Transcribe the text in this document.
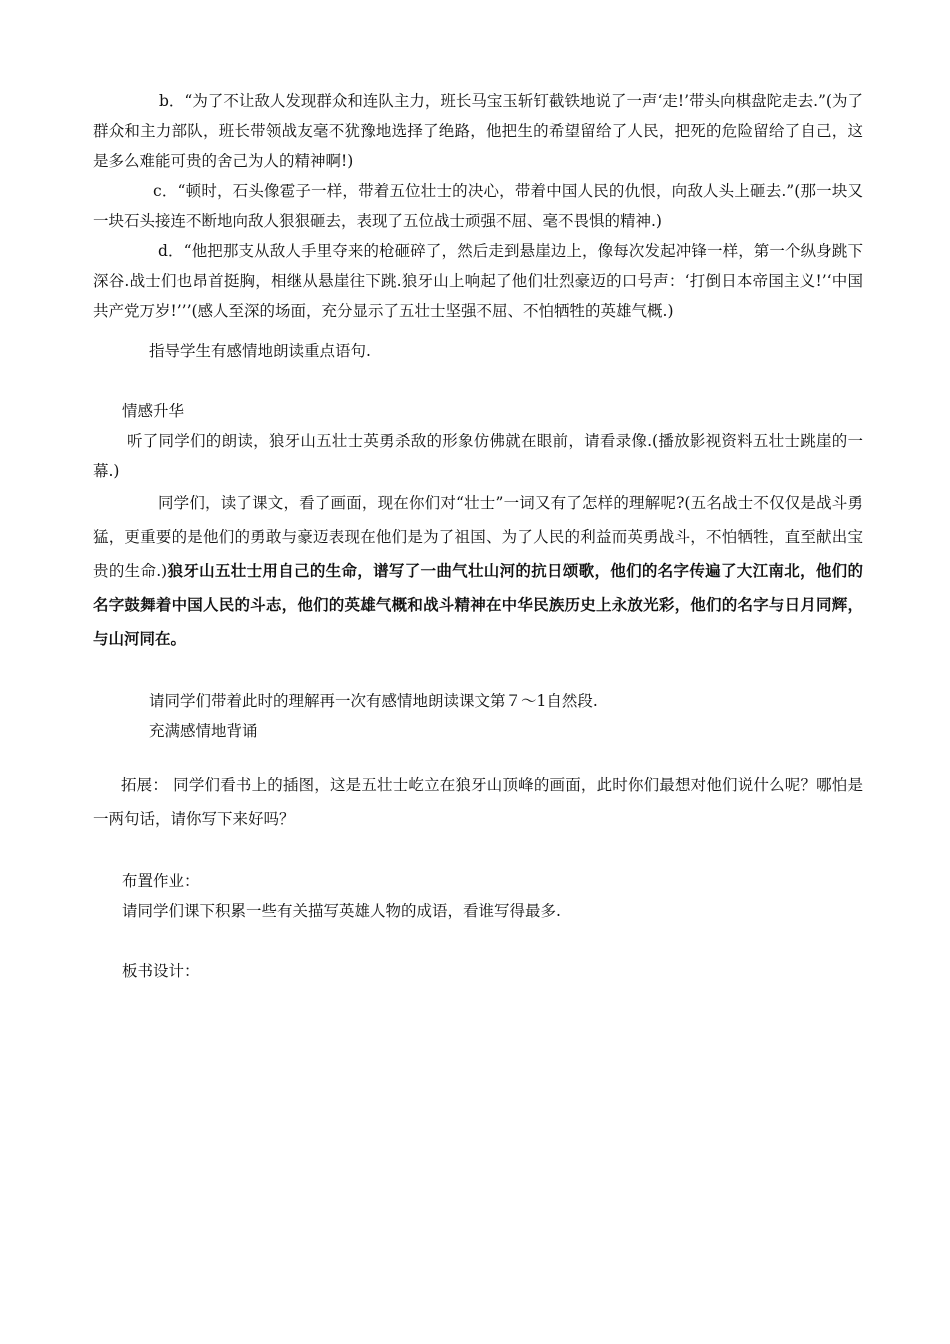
b．“为了不让敌人发现群众和连队主力，班长马宝玉斩钉截铁地说了一声‘走!’带头向棋盘陀走去.”(为了群众和主力部队，班长带领战友毫不犹豫地选择了绝路，他把生的希望留给了人民，把死的危险留给了自己，这是多么难能可贵的舍己为人的精神啊!)

c．“顿时，石头像雹子一样，带着五位壮士的决心，带着中国人民的仇恨，向敌人头上砸去.”(那一块又一块石头接连不断地向敌人狠狠砸去，表现了五位战士顽强不屈、毫不畏惧的精神.)

d．“他把那支从敌人手里夺来的枪砸碎了，然后走到悬崖边上，像每次发起冲锋一样，第一个纵身跳下深谷.战士们也昂首挺胸，相继从悬崖往下跳.狼牙山上响起了他们壮烈豪迈的口号声：‘打倒日本帝国主义!’‘中国共产党万岁!’’’(感人至深的场面，充分显示了五壮士坚强不屈、不怕牺牲的英雄气概.)

指导学生有感情地朗读重点语句.

情感升华

听了同学们的朗读，狼牙山五壮士英勇杀敌的形象仿佛就在眼前，请看录像.(播放影视资料五壮士跳崖的一幕.)

同学们，读了课文，看了画面，现在你们对“壮士”一词又有了怎样的理解呢?(五名战士不仅仅是战斗勇猛，更重要的是他们的勇敢与豪迈表现在他们是为了祖国、为了人民的利益而英勇战斗，不怕牺牲，直至献出宝贵的生命.)狼牙山五壮士用自己的生命，谱写了一曲气壮山河的抗日颂歌，他们的名字传遍了大江南北，他们的名字鼓舞着中国人民的斗志，他们的英雄气概和战斗精神在中华民族历史上永放光彩，他们的名字与日月同辉，与山河同在。

请同学们带着此时的理解再一次有感情地朗读课文第７～1自然段.

充满感情地背诵

拓展： 同学们看书上的插图，这是五壮士屹立在狼牙山顶峰的画面，此时你们最想对他们说什么呢？哪怕是一两句话，请你写下来好吗？

布置作业：

请同学们课下积累一些有关描写英雄人物的成语，看谁写得最多.

板书设计：
